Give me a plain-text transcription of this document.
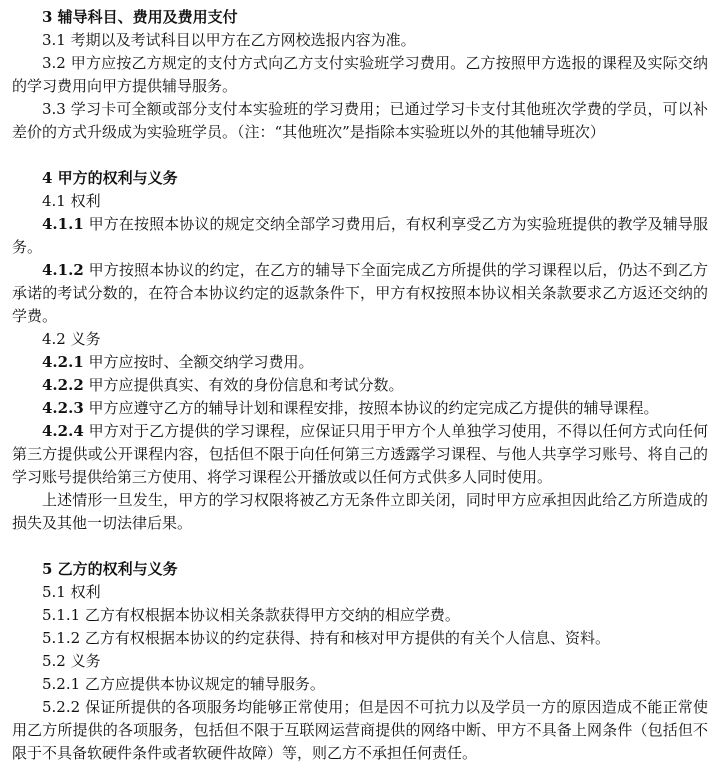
3 辅导科目、费用及费用支付

3.1 考期以及考试科目以甲方在乙方网校选报内容为准。

3.2 甲方应按乙方规定的支付方式向乙方支付实验班学习费用。乙方按照甲方选报的课程及实际交纳的学习费用向甲方提供辅导服务。

3.3 学习卡可全额或部分支付本实验班的学习费用；已通过学习卡支付其他班次学费的学员，可以补差价的方式升级成为实验班学员。（注：“其他班次”是指除本实验班以外的其他辅导班次）

4 甲方的权利与义务

4.1 权利

4.1.1 甲方在按照本协议的规定交纳全部学习费用后，有权利享受乙方为实验班提供的教学及辅导服务。

4.1.2 甲方按照本协议的约定，在乙方的辅导下全面完成乙方所提供的学习课程以后，仍达不到乙方承诺的考试分数的，在符合本协议约定的返款条件下，甲方有权按照本协议相关条款要求乙方返还交纳的学费。

4.2 义务

4.2.1 甲方应按时、全额交纳学习费用。

4.2.2 甲方应提供真实、有效的身份信息和考试分数。

4.2.3 甲方应遵守乙方的辅导计划和课程安排，按照本协议的约定完成乙方提供的辅导课程。

4.2.4 甲方对于乙方提供的学习课程，应保证只用于甲方个人单独学习使用，不得以任何方式向任何第三方提供或公开课程内容，包括但不限于向任何第三方透露学习课程、与他人共享学习账号、将自己的学习账号提供给第三方使用、将学习课程公开播放或以任何方式供多人同时使用。

上述情形一旦发生，甲方的学习权限将被乙方无条件立即关闭，同时甲方应承担因此给乙方所造成的损失及其他一切法律后果。

5 乙方的权利与义务

5.1 权利

5.1.1 乙方有权根据本协议相关条款获得甲方交纳的相应学费。

5.1.2 乙方有权根据本协议的约定获得、持有和核对甲方提供的有关个人信息、资料。

5.2 义务

5.2.1 乙方应提供本协议规定的辅导服务。

5.2.2 保证所提供的各项服务均能够正常使用；但是因不可抗力以及学员一方的原因造成不能正常使用乙方所提供的各项服务，包括但不限于互联网运营商提供的网络中断、甲方不具备上网条件（包括但不限于不具备软硬件条件或者软硬件故障）等，则乙方不承担任何责任。
